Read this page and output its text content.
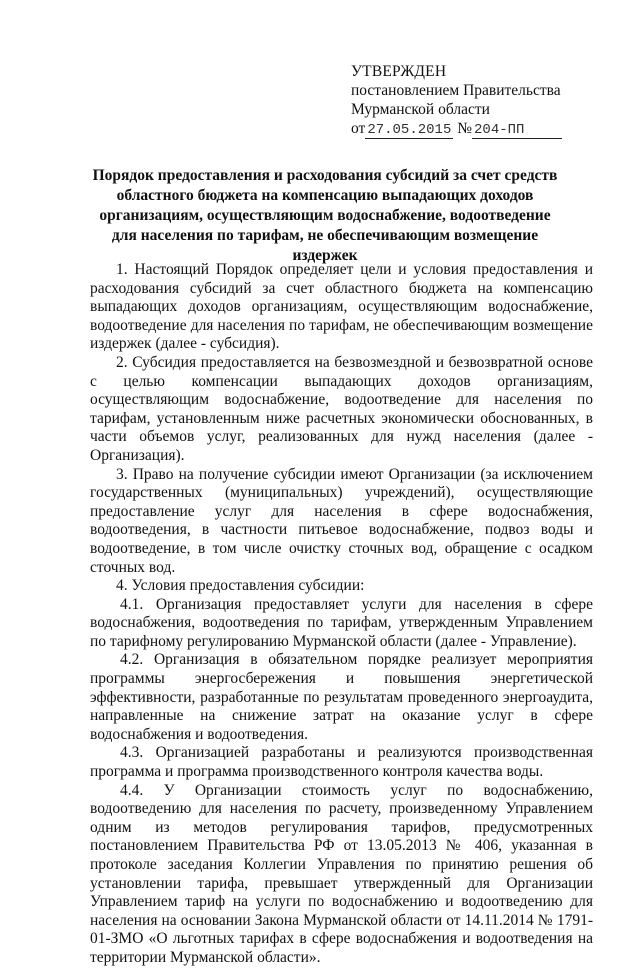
УТВЕРЖДЕН
постановлением Правительства
Мурманской области
от 27.05.2015 № 204-ПП
Порядок предоставления и расходования субсидий за счет средств областного бюджета на компенсацию выпадающих доходов организациям, осуществляющим водоснабжение, водоотведение для населения по тарифам, не обеспечивающим возмещение издержек

1. Настоящий Порядок определяет цели и условия предоставления и расходования субсидий за счет областного бюджета на компенсацию выпадающих доходов организациям, осуществляющим водоснабжение, водоотведение для населения по тарифам, не обеспечивающим возмещение издержек (далее - субсидия).

2. Субсидия предоставляется на безвозмездной и безвозвратной основе с целью компенсации выпадающих доходов организациям, осуществляющим водоснабжение, водоотведение для населения по тарифам, установленным ниже расчетных экономически обоснованных, в части объемов услуг, реализованных для нужд населения (далее - Организация).

3. Право на получение субсидии имеют Организации (за исключением государственных (муниципальных) учреждений), осуществляющие предоставление услуг для населения в сфере водоснабжения, водоотведения, в частности питьевое водоснабжение, подвоз воды и водоотведение, в том числе очистку сточных вод, обращение с осадком сточных вод.

4. Условия предоставления субсидии:

4.1. Организация предоставляет услуги для населения в сфере водоснабжения, водоотведения по тарифам, утвержденным Управлением по тарифному регулированию Мурманской области (далее - Управление).

4.2. Организация в обязательном порядке реализует мероприятия программы энергосбережения и повышения энергетической эффективности, разработанные по результатам проведенного энергоаудита, направленные на снижение затрат на оказание услуг в сфере водоснабжения и водоотведения.

4.3. Организацией разработаны и реализуются производственная программа и программа производственного контроля качества воды.

4.4. У Организации стоимость услуг по водоснабжению, водоотведению для населения по расчету, произведенному Управлением одним из методов регулирования тарифов, предусмотренных постановлением Правительства РФ от 13.05.2013 № 406, указанная в протоколе заседания Коллегии Управления по принятию решения об установлении тарифа, превышает утвержденный для Организации Управлением тариф на услуги по водоснабжению и водоотведению для населения на основании Закона Мурманской области от 14.11.2014 № 1791-01-ЗМО «О льготных тарифах в сфере водоснабжения и водоотведения на территории Мурманской области».
